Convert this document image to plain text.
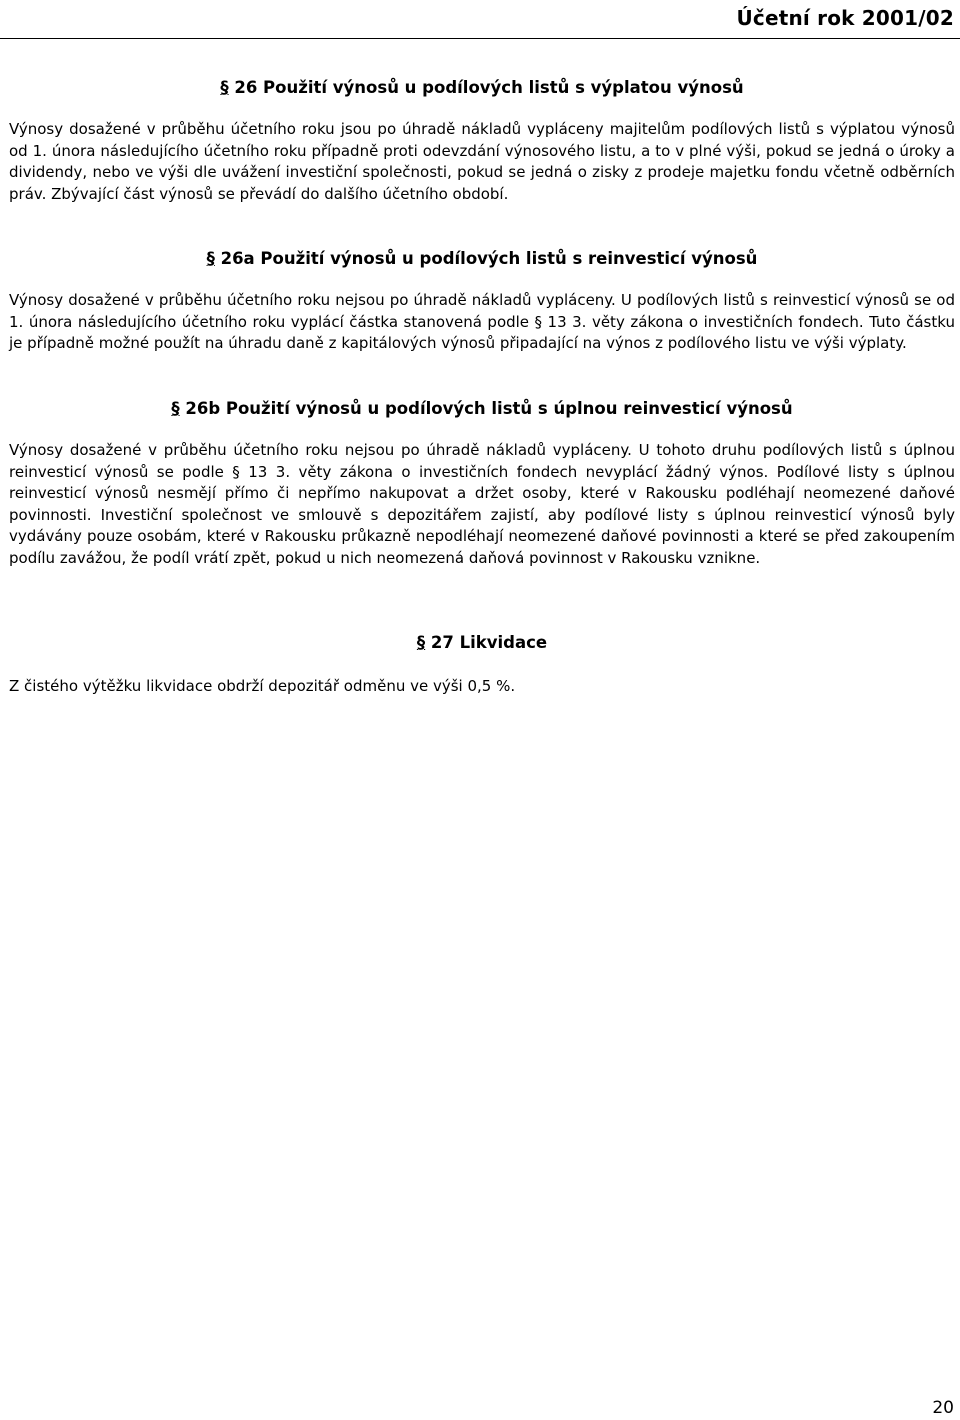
Účetní rok 2001/02
§ 26 Použití výnosů u podílových listů s výplatou výnosů
Výnosy dosažené v průběhu účetního roku jsou po úhradě nákladů vypláceny majitelům podílových listů s výplatou výnosů od 1. února následujícího účetního roku případně proti odevzdání výnosového listu, a to v plné výši, pokud se jedná o úroky a dividendy, nebo ve výši dle uvážení investiční společnosti, pokud se jedná o zisky z prodeje majetku fondu včetně odběrních práv. Zbývající část výnosů se převádí do dalšího účetního období.
§ 26a Použití výnosů u podílových listů s reinvesticí výnosů
Výnosy dosažené v průběhu účetního roku nejsou po úhradě nákladů vypláceny. U podílových listů s reinvesticí výnosů se od 1. února následujícího účetního roku vyplácí částka stanovená podle § 13 3. věty zákona o investičních fondech. Tuto částku je případně možné použít na úhradu daně z kapitálových výnosů připadající na výnos z podílového listu ve výši výplaty.
§ 26b Použití výnosů u podílových listů s úplnou reinvesticí výnosů
Výnosy dosažené v průběhu účetního roku nejsou po úhradě nákladů vypláceny. U tohoto druhu podílových listů s úplnou reinvesticí výnosů se podle § 13 3. věty zákona o investičních fondech nevyplácí žádný výnos. Podílové listy s úplnou reinvesticí výnosů nesmějí přímo či nepřímo nakupovat a držet osoby, které v Rakousku podléhají neomezené daňové povinnosti. Investiční společnost ve smlouvě s depozitářem zajistí, aby podílové listy s úplnou reinvesticí výnosů byly vydávány pouze osobám, které v Rakousku průkazně nepodléhají neomezené daňové povinnosti a které se před zakoupením podílu zavážou, že podíl vrátí zpět, pokud u nich neomezená daňová povinnost v Rakousku vznikne.
§ 27 Likvidace
Z čistého výtěžku likvidace obdrží depozitář odměnu ve výši 0,5 %.
20
